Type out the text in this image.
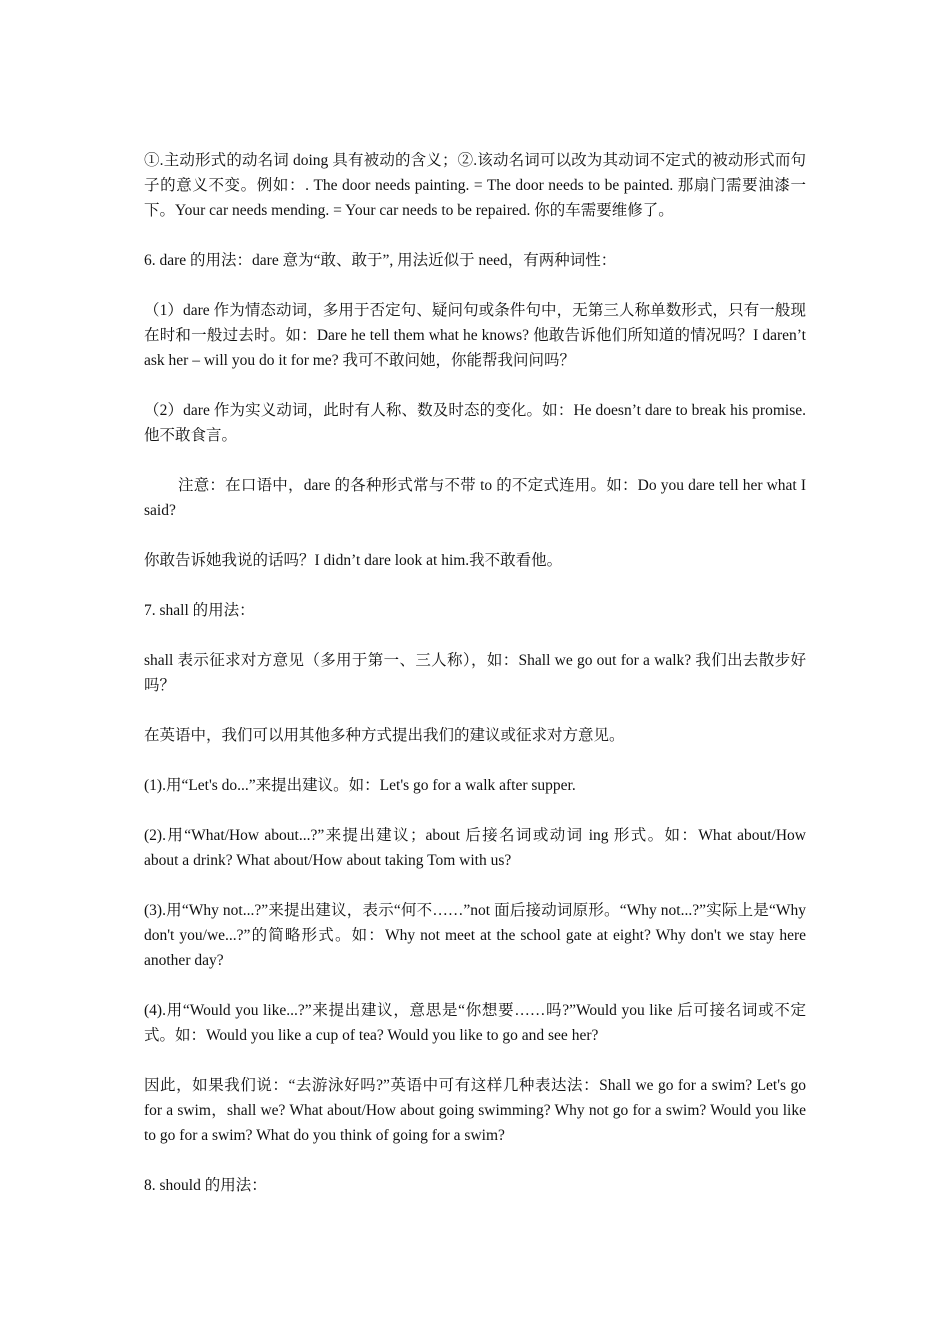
①.主动形式的动名词 doing 具有被动的含义；②.该动名词可以改为其动词不定式的被动形式而句子的意义不变。例如：. The door needs painting. = The door needs to be painted. 那扇门需要油漆一下。Your car needs mending. = Your car needs to be repaired. 你的车需要维修了。

6. dare 的用法：dare 意为“敢、敢于”, 用法近似于 need，有两种词性：

（1）dare 作为情态动词，多用于否定句、疑问句或条件句中，无第三人称单数形式，只有一般现在时和一般过去时。如：Dare he tell them what he knows? 他敢告诉他们所知道的情况吗？I daren’t ask her – will you do it for me? 我可不敢问她，你能帮我问问吗？

（2）dare 作为实义动词，此时有人称、数及时态的变化。如：He doesn’t dare to break his promise.他不敢食言。

注意：在口语中，dare 的各种形式常与不带 to 的不定式连用。如：Do you dare tell her what I said?

你敢告诉她我说的话吗？I didn’t dare look at him.我不敢看他。

7. shall 的用法：

shall 表示征求对方意见（多用于第一、三人称），如：Shall we go out for a walk? 我们出去散步好吗？

在英语中，我们可以用其他多种方式提出我们的建议或征求对方意见。

(1).用“Let's do...”来提出建议。如：Let's go for a walk after supper.

(2).用“What/How about...?”来提出建议；about 后接名词或动词 ing 形式。如：What about/How about a drink? What about/How about taking Tom with us?

(3).用“Why not...?”来提出建议，表示“何不……”not 面后接动词原形。“Why not...?”实际上是“Why don't you/we...?”的简略形式。如：Why not meet at the school gate at eight? Why don't we stay here another day?

(4).用“Would you like...?”来提出建议，意思是“你想要……吗?”Would you like 后可接名词或不定式。如：Would you like a cup of tea? Would you like to go and see her?

因此，如果我们说：“去游泳好吗?”英语中可有这样几种表达法：Shall we go for a swim? Let's go for a swim，shall we? What about/How about going swimming? Why not go for a swim? Would you like to go for a swim? What do you think of going for a swim?

8. should 的用法：
